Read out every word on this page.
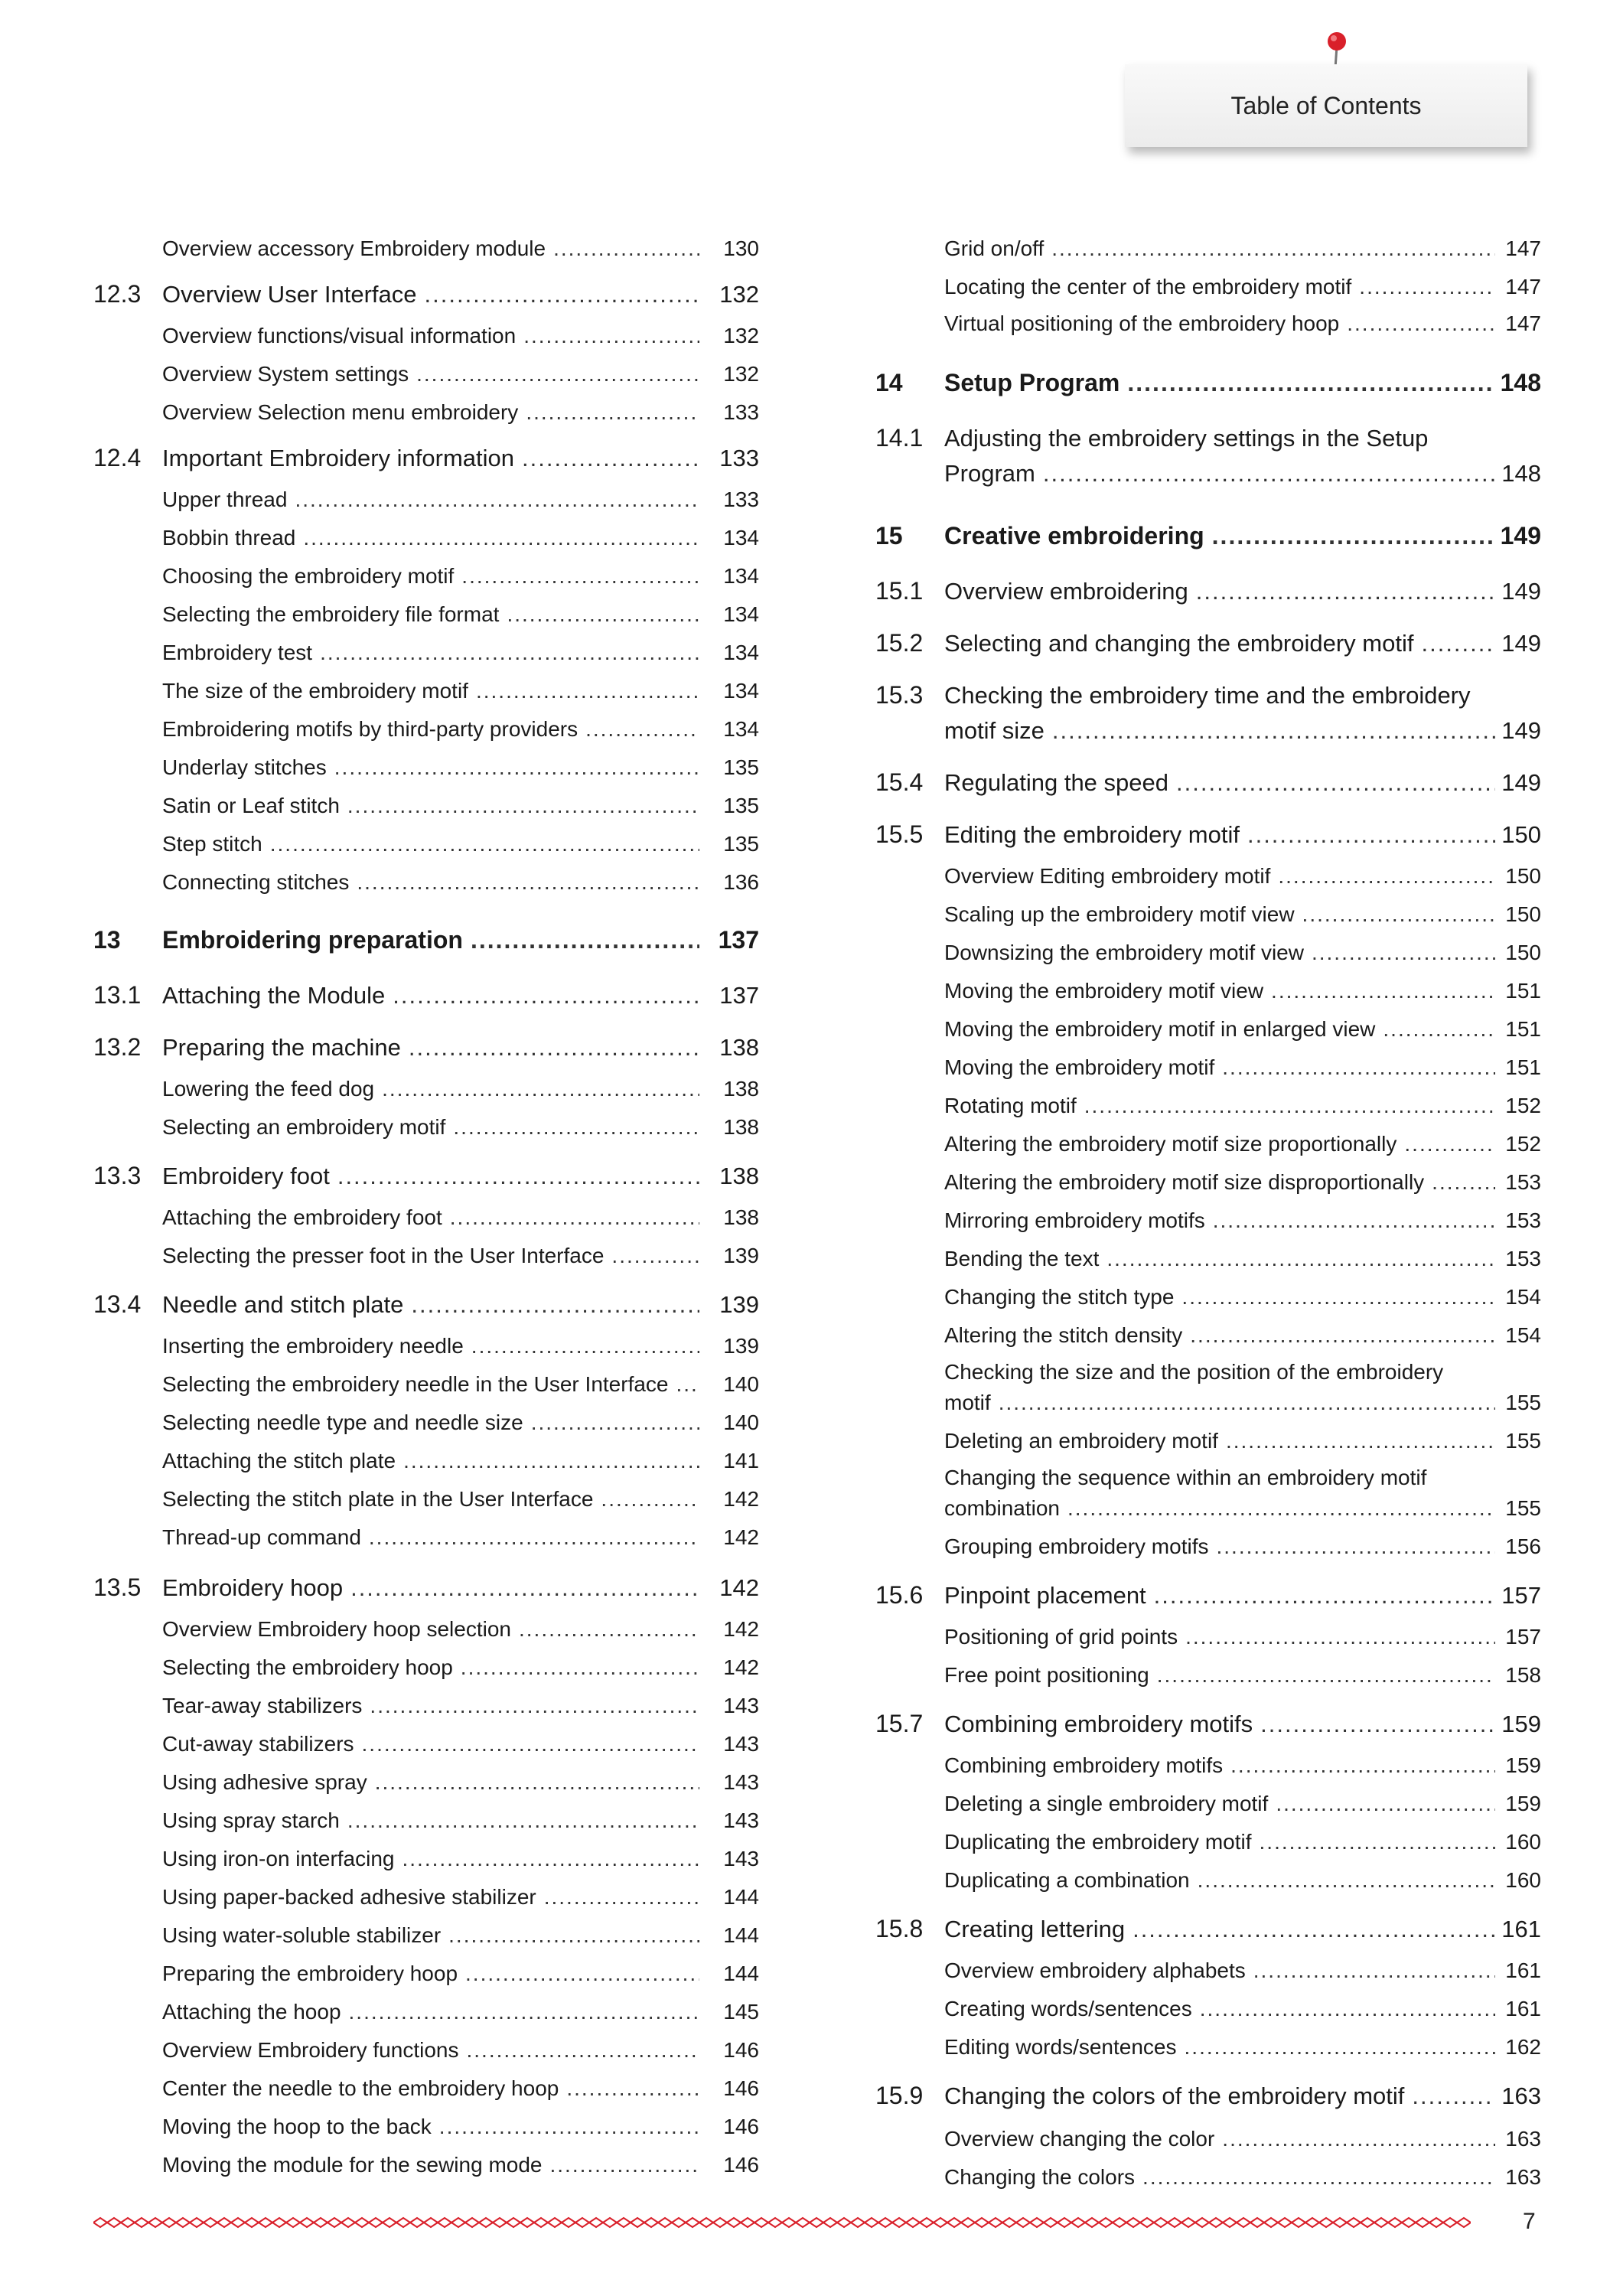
Table of Contents
Overview accessory Embroidery module .....	130
12.3 Overview User Interface .....	132
Overview functions/visual information .....	132
Overview System settings .....	132
Overview Selection menu embroidery .....	133
12.4 Important Embroidery information .....	133
Upper thread .....	133
Bobbin thread .....	134
Choosing the embroidery motif .....	134
Selecting the embroidery file format .....	134
Embroidery test .....	134
The size of the embroidery motif .....	134
Embroidering motifs by third-party providers .....	134
Underlay stitches .....	135
Satin or Leaf stitch .....	135
Step stitch .....	135
Connecting stitches .....	136
13	Embroidering preparation .....	137
13.1 Attaching the Module .....	137
13.2 Preparing the machine .....	138
Lowering the feed dog .....	138
Selecting an embroidery motif .....	138
13.3 Embroidery foot .....	138
Attaching the embroidery foot .....	138
Selecting the presser foot in the User Interface .....	139
13.4 Needle and stitch plate .....	139
Inserting the embroidery needle .....	139
Selecting the embroidery needle in the User Interface .....	140
Selecting needle type and needle size .....	140
Attaching the stitch plate .....	141
Selecting the stitch plate in the User Interface .....	142
Thread-up command .....	142
13.5 Embroidery hoop .....	142
Overview Embroidery hoop selection .....	142
Selecting the embroidery hoop .....	142
Tear-away stabilizers .....	143
Cut-away stabilizers .....	143
Using adhesive spray .....	143
Using spray starch .....	143
Using iron-on interfacing .....	143
Using paper-backed adhesive stabilizer .....	144
Using water-soluble stabilizer .....	144
Preparing the embroidery hoop .....	144
Attaching the hoop .....	145
Overview Embroidery functions .....	146
Center the needle to the embroidery hoop .....	146
Moving the hoop to the back .....	146
Moving the module for the sewing mode .....	146
Grid on/off .....	147
Locating the center of the embroidery motif .....	147
Virtual positioning of the embroidery hoop .....	147
14	Setup Program .....	148
14.1 Adjusting the embroidery settings in the Setup
Program .....	148
15	Creative embroidering .....	149
15.1 Overview embroidering .....	149
15.2 Selecting and changing the embroidery motif .....	149
15.3 Checking the embroidery time and the embroidery
motif size .....	149
15.4 Regulating the speed .....	149
15.5 Editing the embroidery motif .....	150
Overview Editing embroidery motif .....	150
Scaling up the embroidery motif view .....	150
Downsizing the embroidery motif view .....	150
Moving the embroidery motif view .....	151
Moving the embroidery motif in enlarged view .....	151
Moving the embroidery motif .....	151
Rotating motif .....	152
Altering the embroidery motif size proportionally .....	152
Altering the embroidery motif size disproportionally .....	153
Mirroring embroidery motifs .....	153
Bending the text .....	153
Changing the stitch type .....	154
Altering the stitch density .....	154
Checking the size and the position of the embroidery
motif .....	155
Deleting an embroidery motif .....	155
Changing the sequence within an embroidery motif
combination .....	155
Grouping embroidery motifs .....	156
15.6 Pinpoint placement .....	157
Positioning of grid points .....	157
Free point positioning .....	158
15.7 Combining embroidery motifs .....	159
Combining embroidery motifs .....	159
Deleting a single embroidery motif .....	159
Duplicating the embroidery motif .....	160
Duplicating a combination .....	160
15.8 Creating lettering .....	161
Overview embroidery alphabets .....	161
Creating words/sentences .....	161
Editing words/sentences .....	162
15.9 Changing the colors of the embroidery motif .....	163
Overview changing the color .....	163
Changing the colors .....	163
7
